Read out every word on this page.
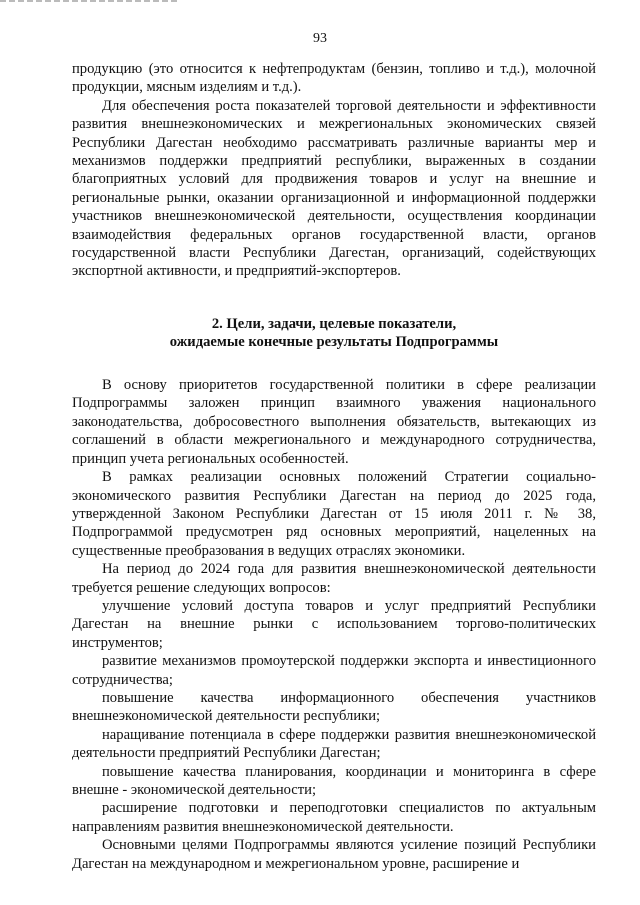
93

продукцию (это относится к нефтепродуктам (бензин, топливо и т.д.), молочной продукции, мясным изделиям и т.д.).

Для обеспечения роста показателей торговой деятельности и эффективности развития внешнеэкономических и межрегиональных экономических связей Республики Дагестан необходимо рассматривать различные варианты мер и механизмов поддержки предприятий республики, выраженных в создании благоприятных условий для продвижения товаров и услуг на внешние и региональные рынки, оказании организационной и информационной поддержки участников внешнеэкономической деятельности, осуществления координации взаимодействия федеральных органов государственной власти, органов государственной власти Республики Дагестан, организаций, содействующих экспортной активности, и предприятий-экспортеров.

2. Цели, задачи, целевые показатели,
ожидаемые конечные результаты Подпрограммы

В основу приоритетов государственной политики в сфере реализации Подпрограммы заложен принцип взаимного уважения национального законодательства, добросовестного выполнения обязательств, вытекающих из соглашений в области межрегионального и международного сотрудничества, принцип учета региональных особенностей.

В рамках реализации основных положений Стратегии социально-экономического развития Республики Дагестан на период до 2025 года, утвержденной Законом Республики Дагестан от 15 июля 2011 г. № 38, Подпрограммой предусмотрен ряд основных мероприятий, нацеленных на существенные преобразования в ведущих отраслях экономики.

На период до 2024 года для развития внешнеэкономической деятельности требуется решение следующих вопросов:

улучшение условий доступа товаров и услуг предприятий Республики Дагестан на внешние рынки с использованием торгово-политических инструментов;

развитие механизмов промоутерской поддержки экспорта и инвестиционного сотрудничества;

повышение качества информационного обеспечения участников внешнеэкономической деятельности республики;

наращивание потенциала в сфере поддержки развития внешнеэкономической деятельности предприятий Республики Дагестан;

повышение качества планирования, координации и мониторинга в сфере внешне - экономической деятельности;

расширение подготовки и переподготовки специалистов по актуальным направлениям развития внешнеэкономической деятельности.

Основными целями Подпрограммы являются усиление позиций Республики Дагестан на международном и межрегиональном уровне, расширение и
